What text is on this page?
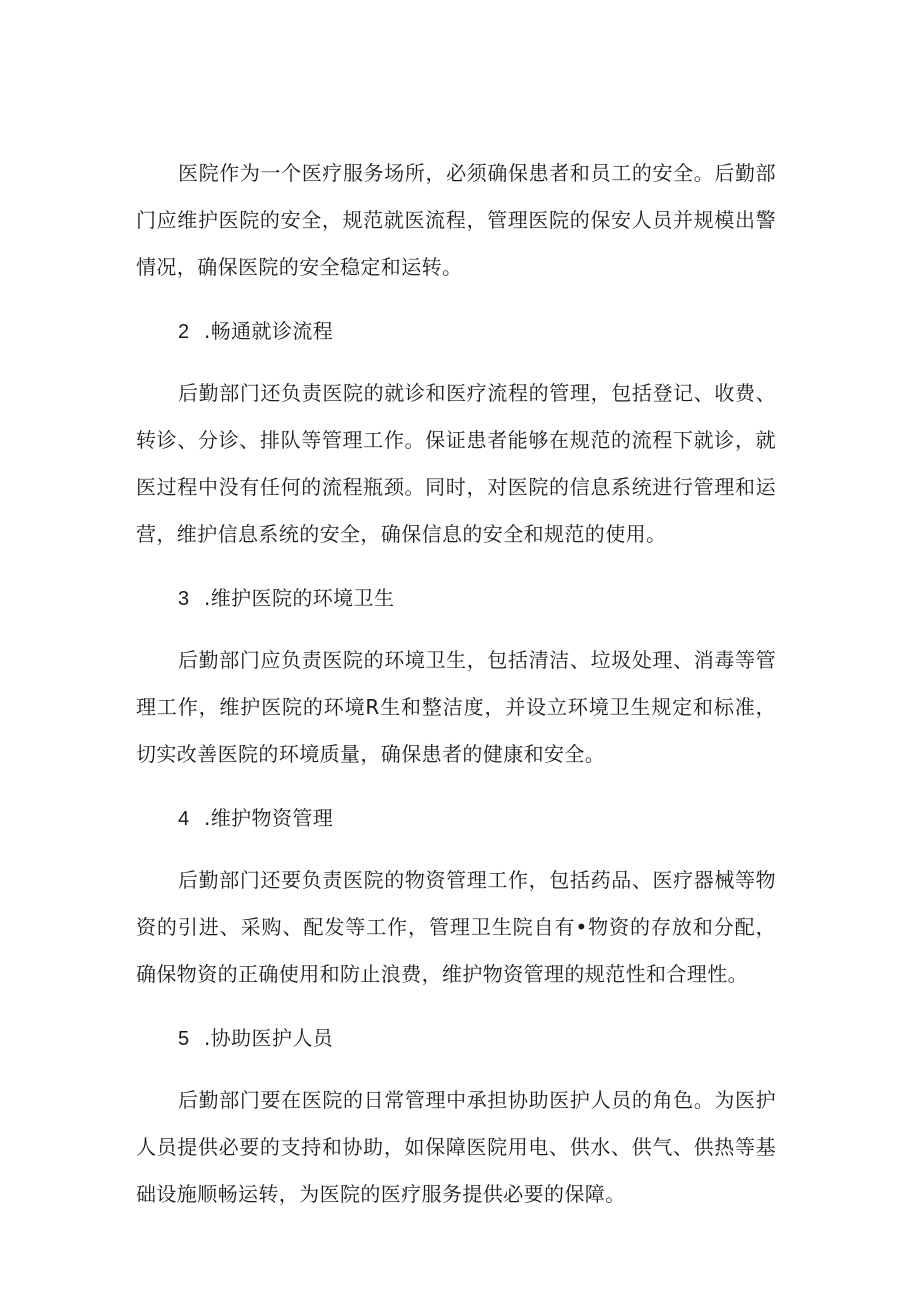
医院作为一个医疗服务场所，必须确保患者和员工的安全。后勤部门应维护医院的安全，规范就医流程，管理医院的保安人员并规模出警情况，确保医院的安全稳定和运转。

2 .畅通就诊流程

后勤部门还负责医院的就诊和医疗流程的管理，包括登记、收费、转诊、分诊、排队等管理工作。保证患者能够在规范的流程下就诊，就医过程中没有任何的流程瓶颈。同时，对医院的信息系统进行管理和运营，维护信息系统的安全，确保信息的安全和规范的使用。

3 .维护医院的环境卫生

后勤部门应负责医院的环境卫生，包括清洁、垃圾处理、消毒等管理工作，维护医院的环境R生和整洁度，并设立环境卫生规定和标准，切实改善医院的环境质量，确保患者的健康和安全。

4 .维护物资管理

后勤部门还要负责医院的物资管理工作，包括药品、医疗器械等物资的引进、采购、配发等工作，管理卫生院自有•物资的存放和分配，确保物资的正确使用和防止浪费，维护物资管理的规范性和合理性。

5 .协助医护人员

后勤部门要在医院的日常管理中承担协助医护人员的角色。为医护人员提供必要的支持和协助，如保障医院用电、供水、供气、供热等基础设施顺畅运转，为医院的医疗服务提供必要的保障。
